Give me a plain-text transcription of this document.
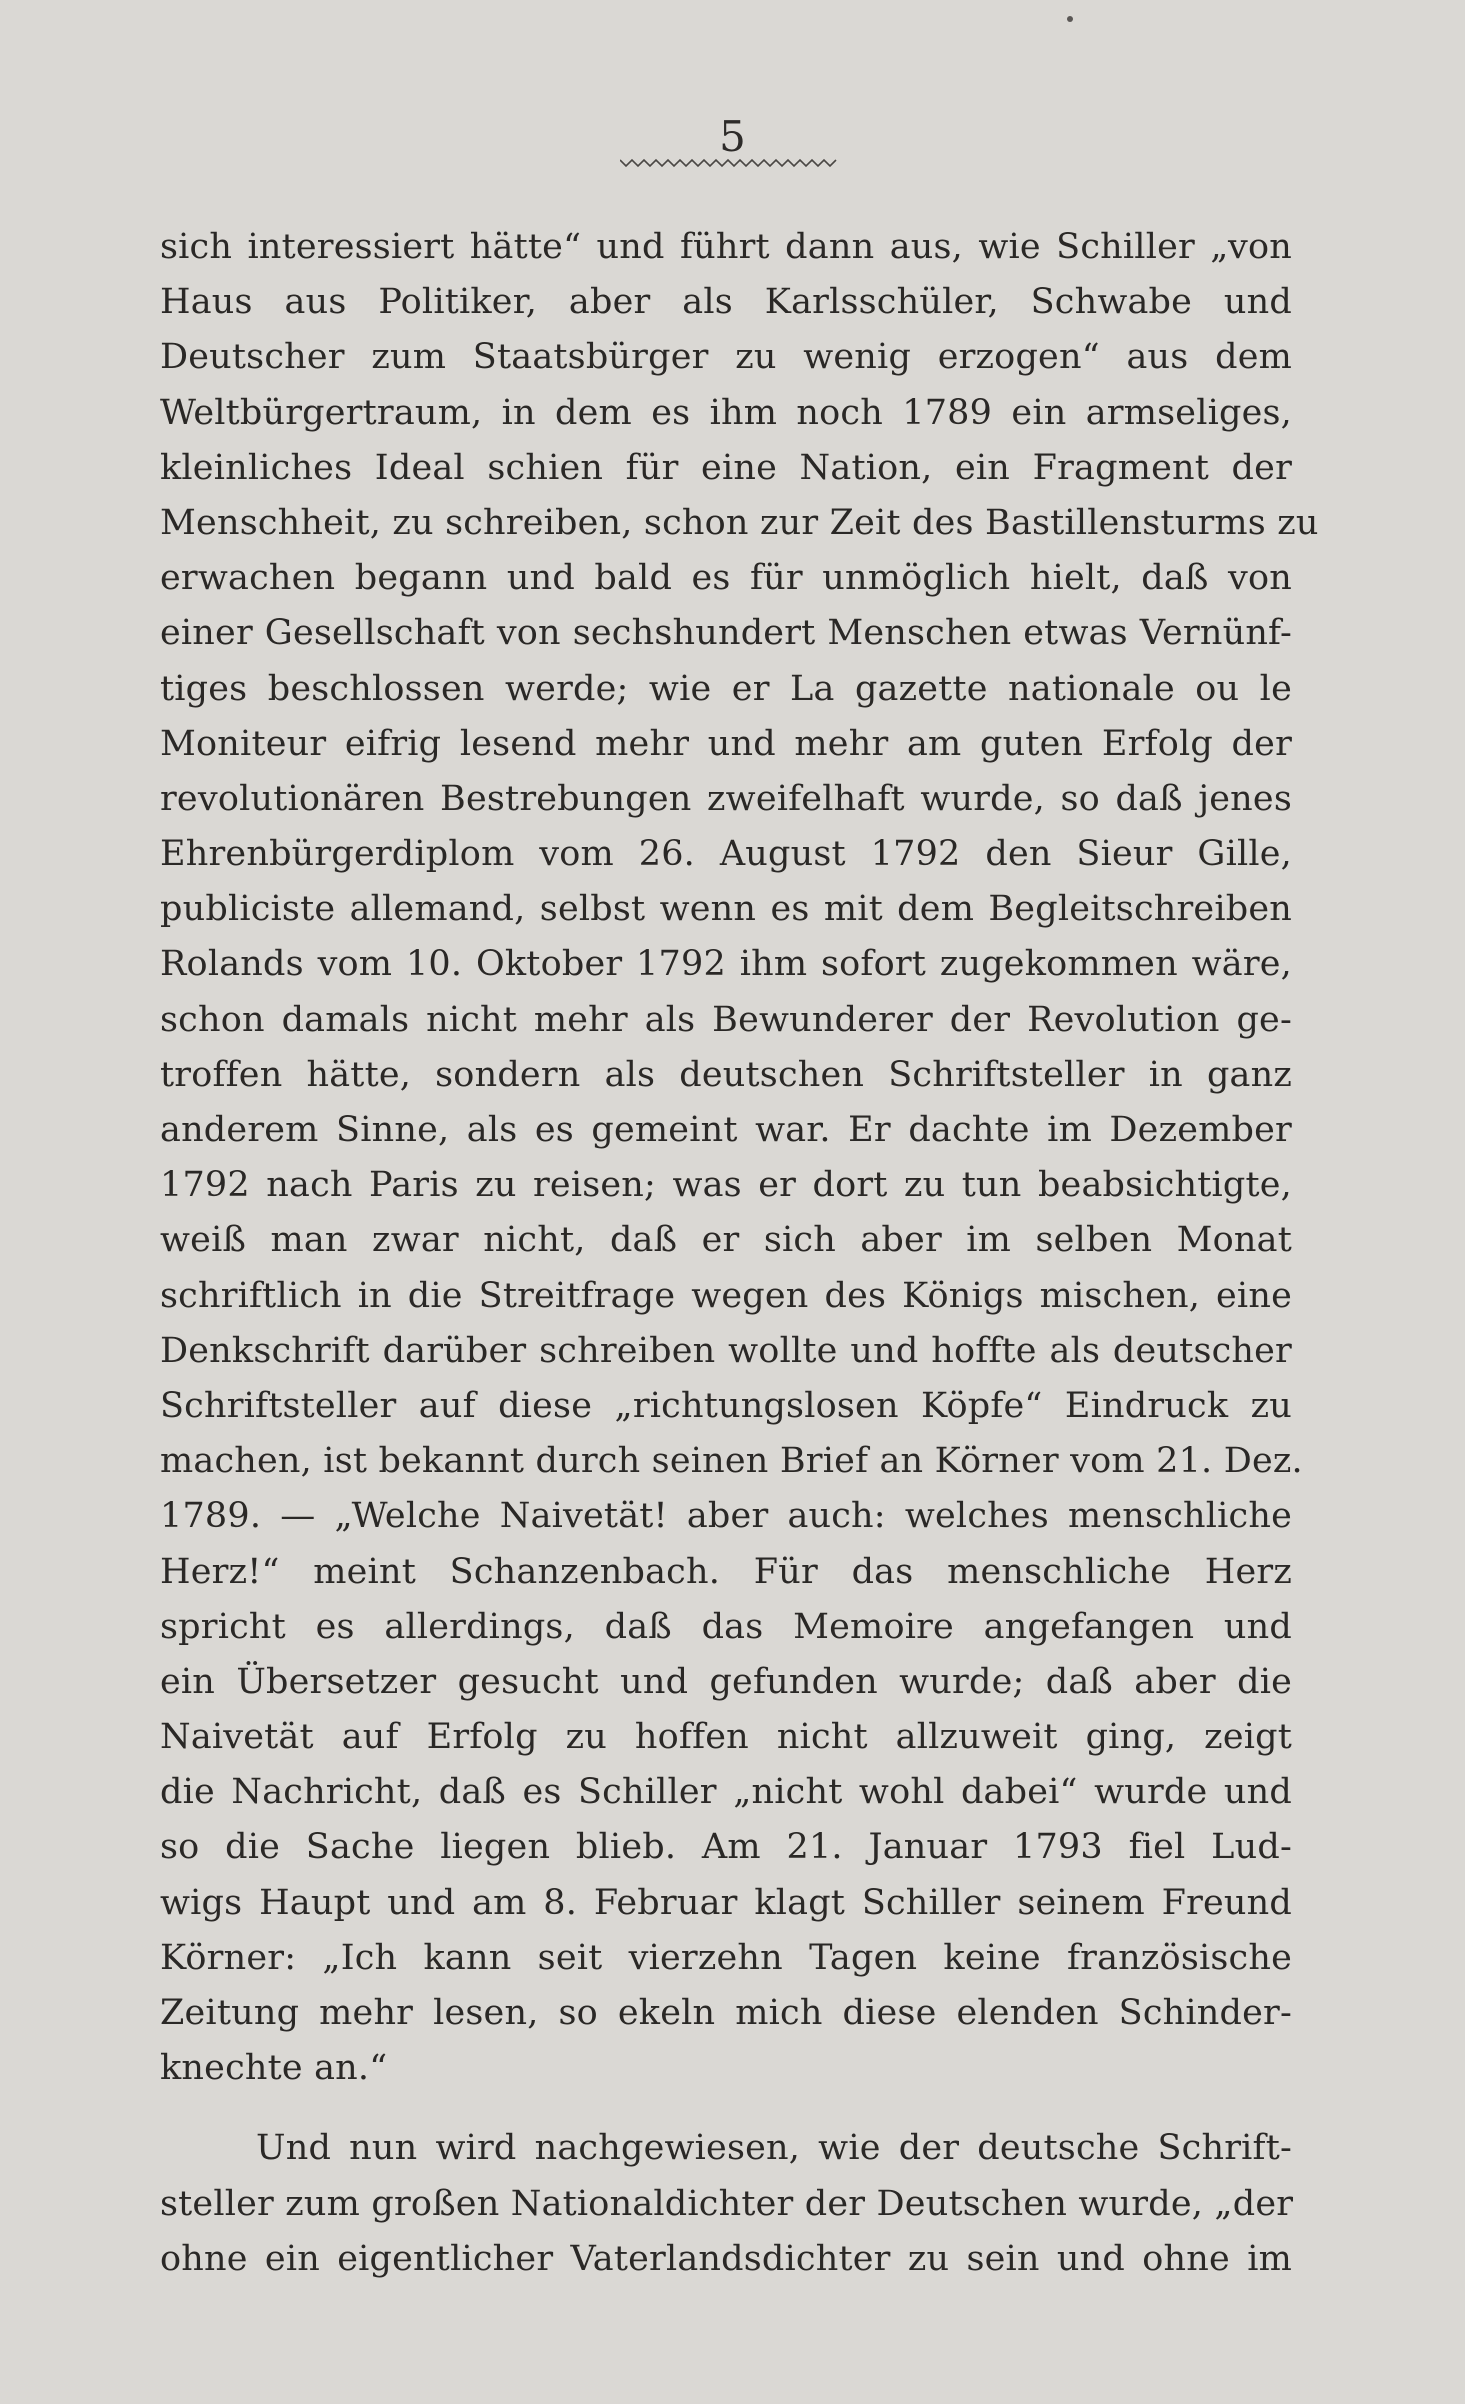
5
sich interessiert hätte“ und führt dann aus, wie Schiller „von
Haus aus Politiker, aber als Karlsschüler, Schwabe und
Deutscher zum Staatsbürger zu wenig erzogen“ aus dem
Weltbürgertraum, in dem es ihm noch 1789 ein armseliges,
kleinliches Ideal schien für eine Nation, ein Fragment der
Menschheit, zu schreiben, schon zur Zeit des Bastillensturms zu
erwachen begann und bald es für unmöglich hielt, daß von
einer Gesellschaft von sechshundert Menschen etwas Vernünf-
tiges beschlossen werde; wie er La gazette nationale ou le
Moniteur eifrig lesend mehr und mehr am guten Erfolg der
revolutionären Bestrebungen zweifelhaft wurde, so daß jenes
Ehrenbürgerdiplom vom 26. August 1792 den Sieur Gille,
publiciste allemand, selbst wenn es mit dem Begleitschreiben
Rolands vom 10. Oktober 1792 ihm sofort zugekommen wäre,
schon damals nicht mehr als Bewunderer der Revolution ge-
troffen hätte, sondern als deutschen Schriftsteller in ganz
anderem Sinne, als es gemeint war. Er dachte im Dezember
1792 nach Paris zu reisen; was er dort zu tun beabsichtigte,
weiß man zwar nicht, daß er sich aber im selben Monat
schriftlich in die Streitfrage wegen des Königs mischen, eine
Denkschrift darüber schreiben wollte und hoffte als deutscher
Schriftsteller auf diese „richtungslosen Köpfe“ Eindruck zu
machen, ist bekannt durch seinen Brief an Körner vom 21. Dez.
1789. — „Welche Naivetät! aber auch: welches menschliche
Herz!“ meint Schanzenbach. Für das menschliche Herz
spricht es allerdings, daß das Memoire angefangen und
ein Übersetzer gesucht und gefunden wurde; daß aber die
Naivetät auf Erfolg zu hoffen nicht allzuweit ging, zeigt
die Nachricht, daß es Schiller „nicht wohl dabei“ wurde und
so die Sache liegen blieb. Am 21. Januar 1793 fiel Lud-
wigs Haupt und am 8. Februar klagt Schiller seinem Freund
Körner: „Ich kann seit vierzehn Tagen keine französische
Zeitung mehr lesen, so ekeln mich diese elenden Schinder-
knechte an.“
Und nun wird nachgewiesen, wie der deutsche Schrift-
steller zum großen Nationaldichter der Deutschen wurde, „der
ohne ein eigentlicher Vaterlandsdichter zu sein und ohne im
